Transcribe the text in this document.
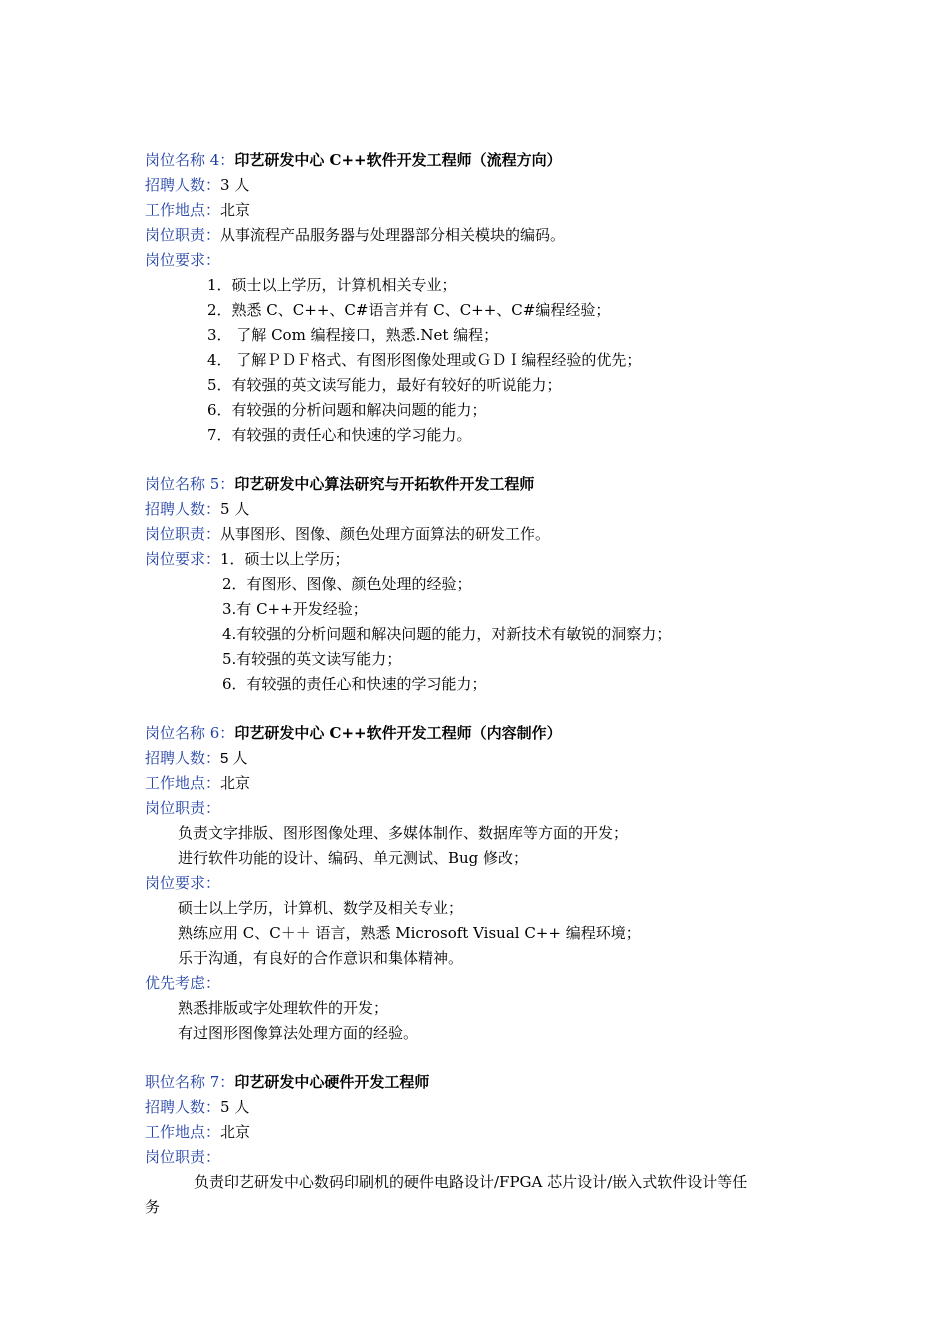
岗位名称 4：印艺研发中心 C++软件开发工程师（流程方向）
招聘人数：3 人
工作地点：北京
岗位职责：从事流程产品服务器与处理器部分相关模块的编码。
岗位要求：
1．硕士以上学历，计算机相关专业；
2．熟悉 C、C++、C#语言并有 C、C++、C#编程经验；
3． 了解 Com 编程接口，熟悉.Net 编程；
4． 了解ＰＤＦ格式、有图形图像处理或ＧＤＩ编程经验的优先；
5．有较强的英文读写能力，最好有较好的听说能力；
6．有较强的分析问题和解决问题的能力；
7．有较强的责任心和快速的学习能力。
岗位名称 5：印艺研发中心算法研究与开拓软件开发工程师
招聘人数：5 人
岗位职责：从事图形、图像、颜色处理方面算法的研发工作。
岗位要求：1．硕士以上学历；
2．有图形、图像、颜色处理的经验；
3.有 C++开发经验；
4.有较强的分析问题和解决问题的能力，对新技术有敏锐的洞察力；
5.有较强的英文读写能力；
6．有较强的责任心和快速的学习能力；
岗位名称 6：印艺研发中心 C++软件开发工程师（内容制作）
招聘人数：5 人
工作地点：北京
岗位职责：
负责文字排版、图形图像处理、多媒体制作、数据库等方面的开发；
进行软件功能的设计、编码、单元测试、Bug 修改；
岗位要求：
硕士以上学历，计算机、数学及相关专业；
熟练应用 C、C＋＋ 语言，熟悉 Microsoft Visual C++ 编程环境；
乐于沟通，有良好的合作意识和集体精神。
优先考虑：
熟悉排版或字处理软件的开发；
有过图形图像算法处理方面的经验。
职位名称 7：印艺研发中心硬件开发工程师
招聘人数：5 人
工作地点：北京
岗位职责：
负责印艺研发中心数码印刷机的硬件电路设计/FPGA 芯片设计/嵌入式软件设计等任
务
